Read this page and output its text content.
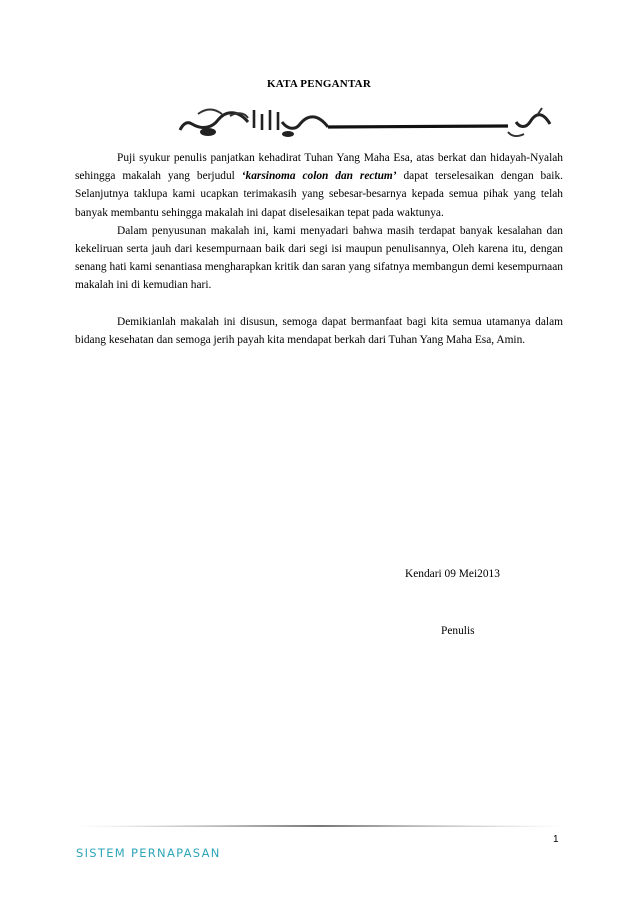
KATA PENGANTAR

Puji syukur penulis panjatkan kehadirat Tuhan Yang Maha Esa, atas berkat dan hidayah-Nyalah sehingga makalah yang berjudul ‘karsinoma colon dan rectum’ dapat terselesaikan dengan baik. Selanjutnya taklupa kami ucapkan terimakasih yang sebesar-besarnya kepada semua pihak yang telah banyak membantu sehingga makalah ini dapat diselesaikan tepat pada waktunya.

Dalam penyusunan makalah ini, kami menyadari bahwa masih terdapat banyak kesalahan dan kekeliruan serta jauh dari kesempurnaan baik dari segi isi maupun penulisannya, Oleh karena itu, dengan senang hati kami senantiasa mengharapkan kritik dan saran yang sifatnya membangun demi kesempurnaan makalah ini di kemudian hari.

Demikianlah makalah ini disusun, semoga dapat bermanfaat bagi kita semua utamanya dalam bidang kesehatan dan semoga jerih payah kita mendapat berkah dari Tuhan Yang Maha Esa, Amin.

Kendari 09 Mei2013
Penulis
1
SISTEM PERNAPASAN
